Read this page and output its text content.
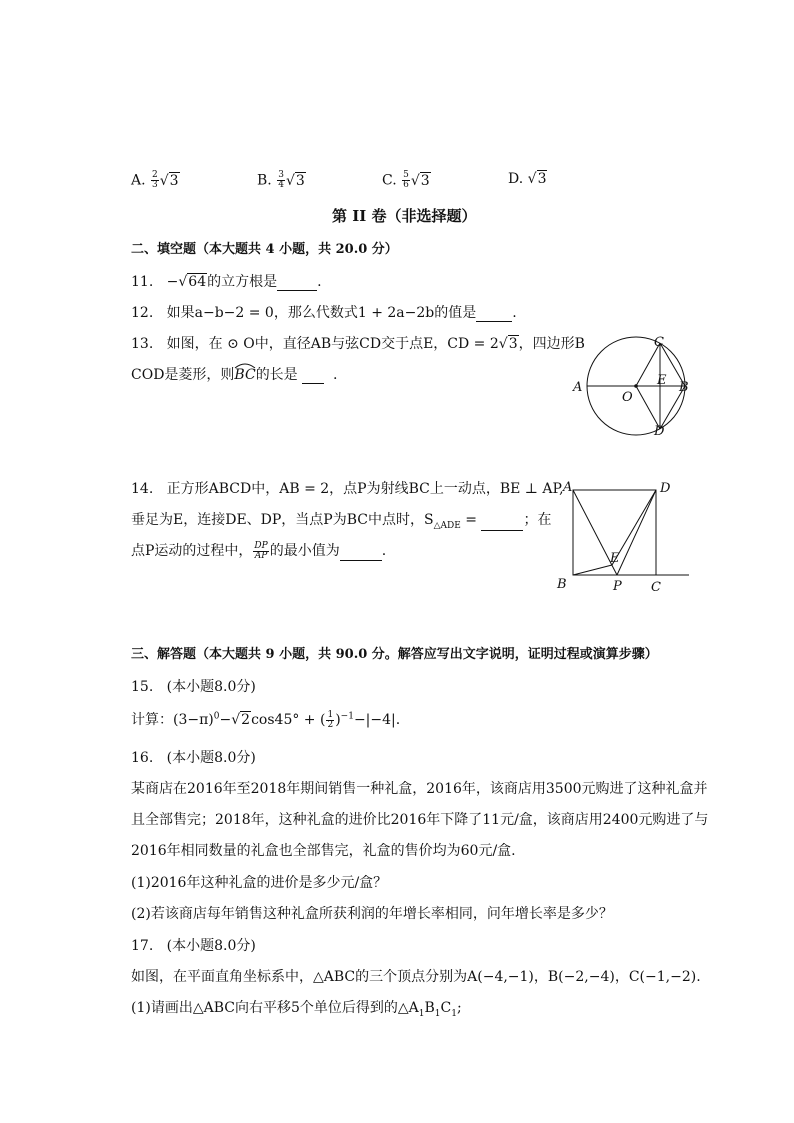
A. $\frac{2}{3} √3$	B. $\frac{3}{4} √3$	C. $\frac{5}{6} √3$	D. √3
第 II 卷（非选择题）
二、填空题（本大题共 4 小题，共 20.0 分）
11. −√64的立方根是	.
12. 如果a−b−2 = 0，那么代数式1 + 2a−2b的值是	.
13. 如图，在 ⊙ O中，直径AB与弦CD交于点E，CD = 2√3，四边形B
COD是菱形，则
BC的长是	.
A	B
C
D
E
O
14. 正方形ABCD中，AB = 2，点P为射线BC上一动点，BE ⊥ AP,
垂足为E，连接DE、DP，当点P为BC中点时，$S_{\triangle ADE}$ =	；在
点P运动的过程中， $\frac{DP}{AP}$ 的最小值为	.
A	D
B	C
P
E
三、解答题（本大题共 9 小题，共 90.0 分。解答应写出文字说明，证明过程或演算步骤）
15. (本小题8.0分)
计算：$(3-\pi)^0-√2\cos 45^\circ$ + ( $\frac{1}{2} )^{-1}-|-4|$.
16. (本小题8.0分)
某商店在2016年至2018年期间销售一种礼盒，2016年，该商店用3500元购进了这种礼盒并
且全部售完；2018年，这种礼盒的进价比2016年下降了11元/盒，该商店用2400元购进了与
2016年相同数量的礼盒也全部售完，礼盒的售价均为60元/盒.
(1)2016年这种礼盒的进价是多少元/盒？
(2)若该商店每年销售这种礼盒所获利润的年增长率相同，问年增长率是多少？
17. (本小题8.0分)
如图，在平面直角坐标系中，△ABC的三个顶点分别为A(−4,−1)，B(−2,−4)，C(−1,−2).
(1)请画出△ABC向右平移5个单位后得到的$\triangle A_1B_1C_1$;
